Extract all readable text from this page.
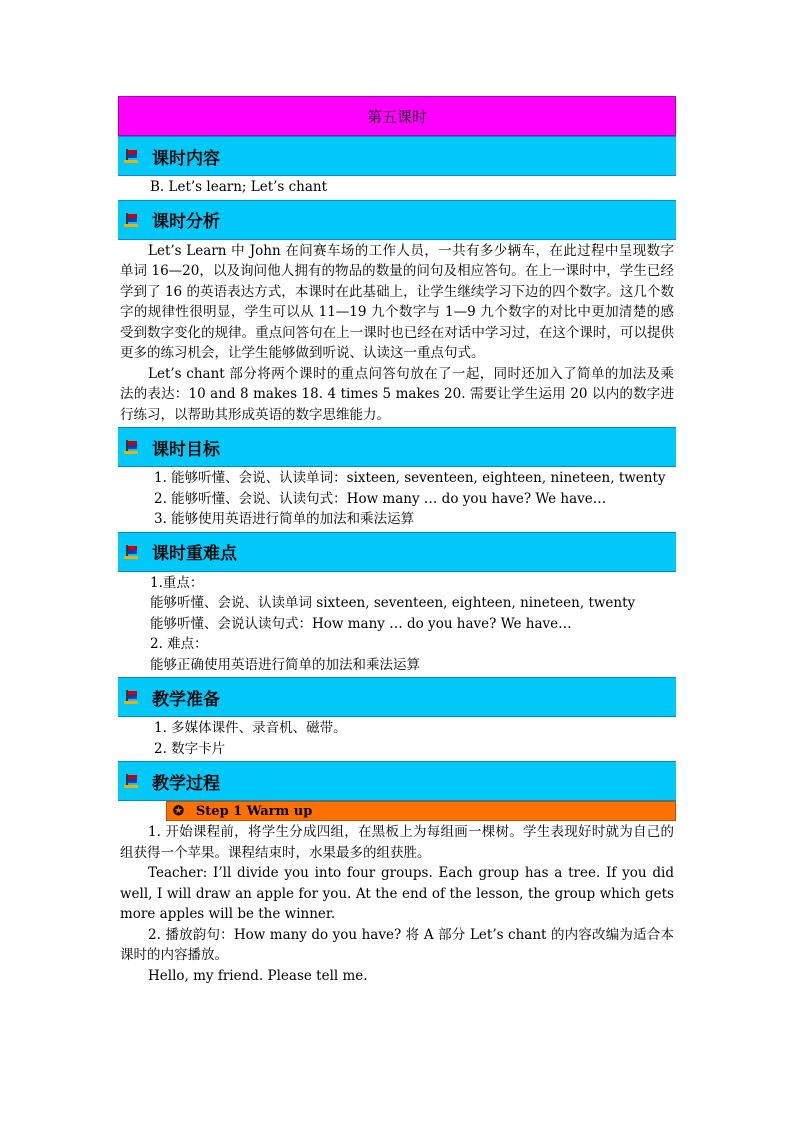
第五课时
课时内容

B. Let’s learn; Let’s chant

课时分析

Let’s Learn 中 John 在问赛车场的工作人员，一共有多少辆车，在此过程中呈现数字单词 16—20，以及询问他人拥有的物品的数量的问句及相应答句。在上一课时中，学生已经学到了 16 的英语表达方式，本课时在此基础上，让学生继续学习下边的四个数字。这几个数字的规律性很明显，学生可以从 11—19 九个数字与 1—9 九个数字的对比中更加清楚的感受到数字变化的规律。重点问答句在上一课时也已经在对话中学习过，在这个课时，可以提供更多的练习机会，让学生能够做到听说、认读这一重点句式。

Let’s chant 部分将两个课时的重点问答句放在了一起，同时还加入了简单的加法及乘法的表达：10 and 8 makes 18. 4 times 5 makes 20. 需要让学生运用 20 以内的数字进行练习，以帮助其形成英语的数字思维能力。

课时目标

1. 能够听懂、会说、认读单词：sixteen, seventeen, eighteen, nineteen, twenty

2. 能够听懂、会说、认读句式：How many … do you have? We have…

3. 能够使用英语进行简单的加法和乘法运算

课时重难点

1.重点：

能够听懂、会说、认读单词 sixteen, seventeen, eighteen, nineteen, twenty

能够听懂、会说认读句式：How many … do you have? We have…

2. 难点：

能够正确使用英语进行简单的加法和乘法运算

教学准备

1. 多媒体课件、录音机、磁带。

2. 数字卡片

教学过程
✪ Step 1 Warm up

1. 开始课程前，将学生分成四组，在黑板上为每组画一棵树。学生表现好时就为自己的组获得一个苹果。课程结束时，水果最多的组获胜。

Teacher: I’ll divide you into four groups. Each group has a tree. If you did well, I will draw an apple for you. At the end of the lesson, the group which gets more apples will be the winner.

2. 播放韵句：How many do you have? 将 A 部分 Let’s chant 的内容改编为适合本课时的内容播放。

Hello, my friend. Please tell me.
